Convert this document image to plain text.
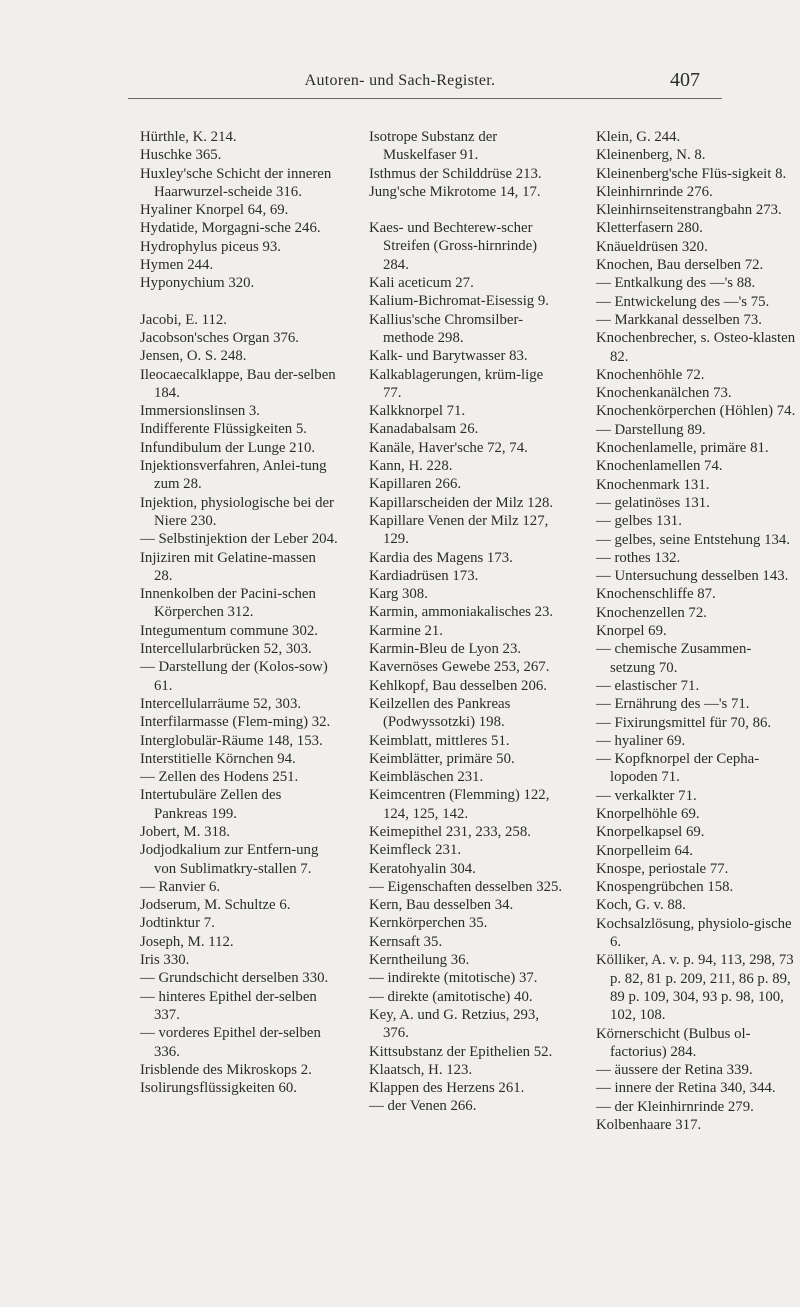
Autoren- und Sach-Register.	407

Hürthle, K. 214.

Huschke 365.

Huxley'sche Schicht der inneren Haarwurzel-scheide 316.

Hyaliner Knorpel 64, 69.

Hydatide, Morgagni-sche 246.

Hydrophylus piceus 93.

Hymen 244.

Hyponychium 320.

Jacobi, E. 112.

Jacobson'sches Organ 376.

Jensen, O. S. 248.

Ileocaecalklappe, Bau der-selben 184.

Immersionslinsen 3.

Indifferente Flüssigkeiten 5.

Infundibulum der Lunge 210.

Injektionsverfahren, Anlei-tung zum 28.

Injektion, physiologische bei der Niere 230.

— Selbstinjektion der Leber 204.

Injiziren mit Gelatine-massen 28.

Innenkolben der Pacini-schen Körperchen 312.

Integumentum commune 302.

Intercellularbrücken 52, 303.

— Darstellung der (Kolos-sow) 61.

Intercellularräume 52, 303.

Interfilarmasse (Flem-ming) 32.

Interglobulär-Räume 148, 153.

Interstitielle Körnchen 94.

— Zellen des Hodens 251.

Intertubuläre Zellen des Pankreas 199.

Jobert, M. 318.

Jodjodkalium zur Entfern-ung von Sublimatkry-stallen 7.

— Ranvier 6.

Jodserum, M. Schultze 6.

Jodtinktur 7.

Joseph, M. 112.

Iris 330.

— Grundschicht derselben 330.

— hinteres Epithel der-selben 337.

— vorderes Epithel der-selben 336.

Irisblende des Mikroskops 2.

Isolirungsflüssigkeiten 60.

Isotrope Substanz der Muskelfaser 91.

Isthmus der Schilddrüse 213.

Jung'sche Mikrotome 14, 17.

Kaes- und Bechterew-scher Streifen (Gross-hirnrinde) 284.

Kali aceticum 27.

Kalium-Bichromat-Eisessig 9.

Kallius'sche Chromsilber-methode 298.

Kalk- und Barytwasser 83.

Kalkablagerungen, krüm-lige 77.

Kalkknorpel 71.

Kanadabalsam 26.

Kanäle, Haver'sche 72, 74.

Kann, H. 228.

Kapillaren 266.

Kapillarscheiden der Milz 128.

Kapillare Venen der Milz 127, 129.

Kardia des Magens 173.

Kardiadrüsen 173.

Karg 308.

Karmin, ammoniakalisches 23.

Karmine 21.

Karmin-Bleu de Lyon 23.

Kavernöses Gewebe 253, 267.

Kehlkopf, Bau desselben 206.

Keilzellen des Pankreas (Podwyssotzki) 198.

Keimblatt, mittleres 51.

Keimblätter, primäre 50.

Keimbläschen 231.

Keimcentren (Flemming) 122, 124, 125, 142.

Keimepithel 231, 233, 258.

Keimfleck 231.

Keratohyalin 304.

— Eigenschaften desselben 325.

Kern, Bau desselben 34.

Kernkörperchen 35.

Kernsaft 35.

Kerntheilung 36.

— indirekte (mitotische) 37.

— direkte (amitotische) 40.

Key, A. und G. Retzius, 293, 376.

Kittsubstanz der Epithelien 52.

Klaatsch, H. 123.

Klappen des Herzens 261.

— der Venen 266.

Klein, G. 244.

Kleinenberg, N. 8.

Kleinenberg'sche Flüs-sigkeit 8.

Kleinhirnrinde 276.

Kleinhirnseitenstrangbahn 273.

Kletterfasern 280.

Knäueldrüsen 320.

Knochen, Bau derselben 72.

— Entkalkung des —'s 88.

— Entwickelung des —'s 75.

— Markkanal desselben 73.

Knochenbrecher, s. Osteo-klasten 82.

Knochenhöhle 72.

Knochenkanälchen 73.

Knochenkörperchen (Höhlen) 74.

— Darstellung 89.

Knochenlamelle, primäre 81.

Knochenlamellen 74.

Knochenmark 131.

— gelatinöses 131.

— gelbes 131.

— gelbes, seine Entstehung 134.

— rothes 132.

— Untersuchung desselben 143.

Knochenschliffe 87.

Knochenzellen 72.

Knorpel 69.

— chemische Zusammen-setzung 70.

— elastischer 71.

— Ernährung des —'s 71.

— Fixirungsmittel für 70, 86.

— hyaliner 69.

— Kopfknorpel der Cepha-lopoden 71.

— verkalkter 71.

Knorpelhöhle 69.

Knorpelkapsel 69.

Knorpelleim 64.

Knospe, periostale 77.

Knospengrübchen 158.

Koch, G. v. 88.

Kochsalzlösung, physiolo-gische 6.

Kölliker, A. v. p. 94, 113, 298, 73 p. 82, 81 p. 209, 211, 86 p. 89, 89 p. 109, 304, 93 p. 98, 100, 102, 108.

Körnerschicht (Bulbus ol-factorius) 284.

— äussere der Retina 339.

— innere der Retina 340, 344.

— der Kleinhirnrinde 279.

Kolbenhaare 317.
